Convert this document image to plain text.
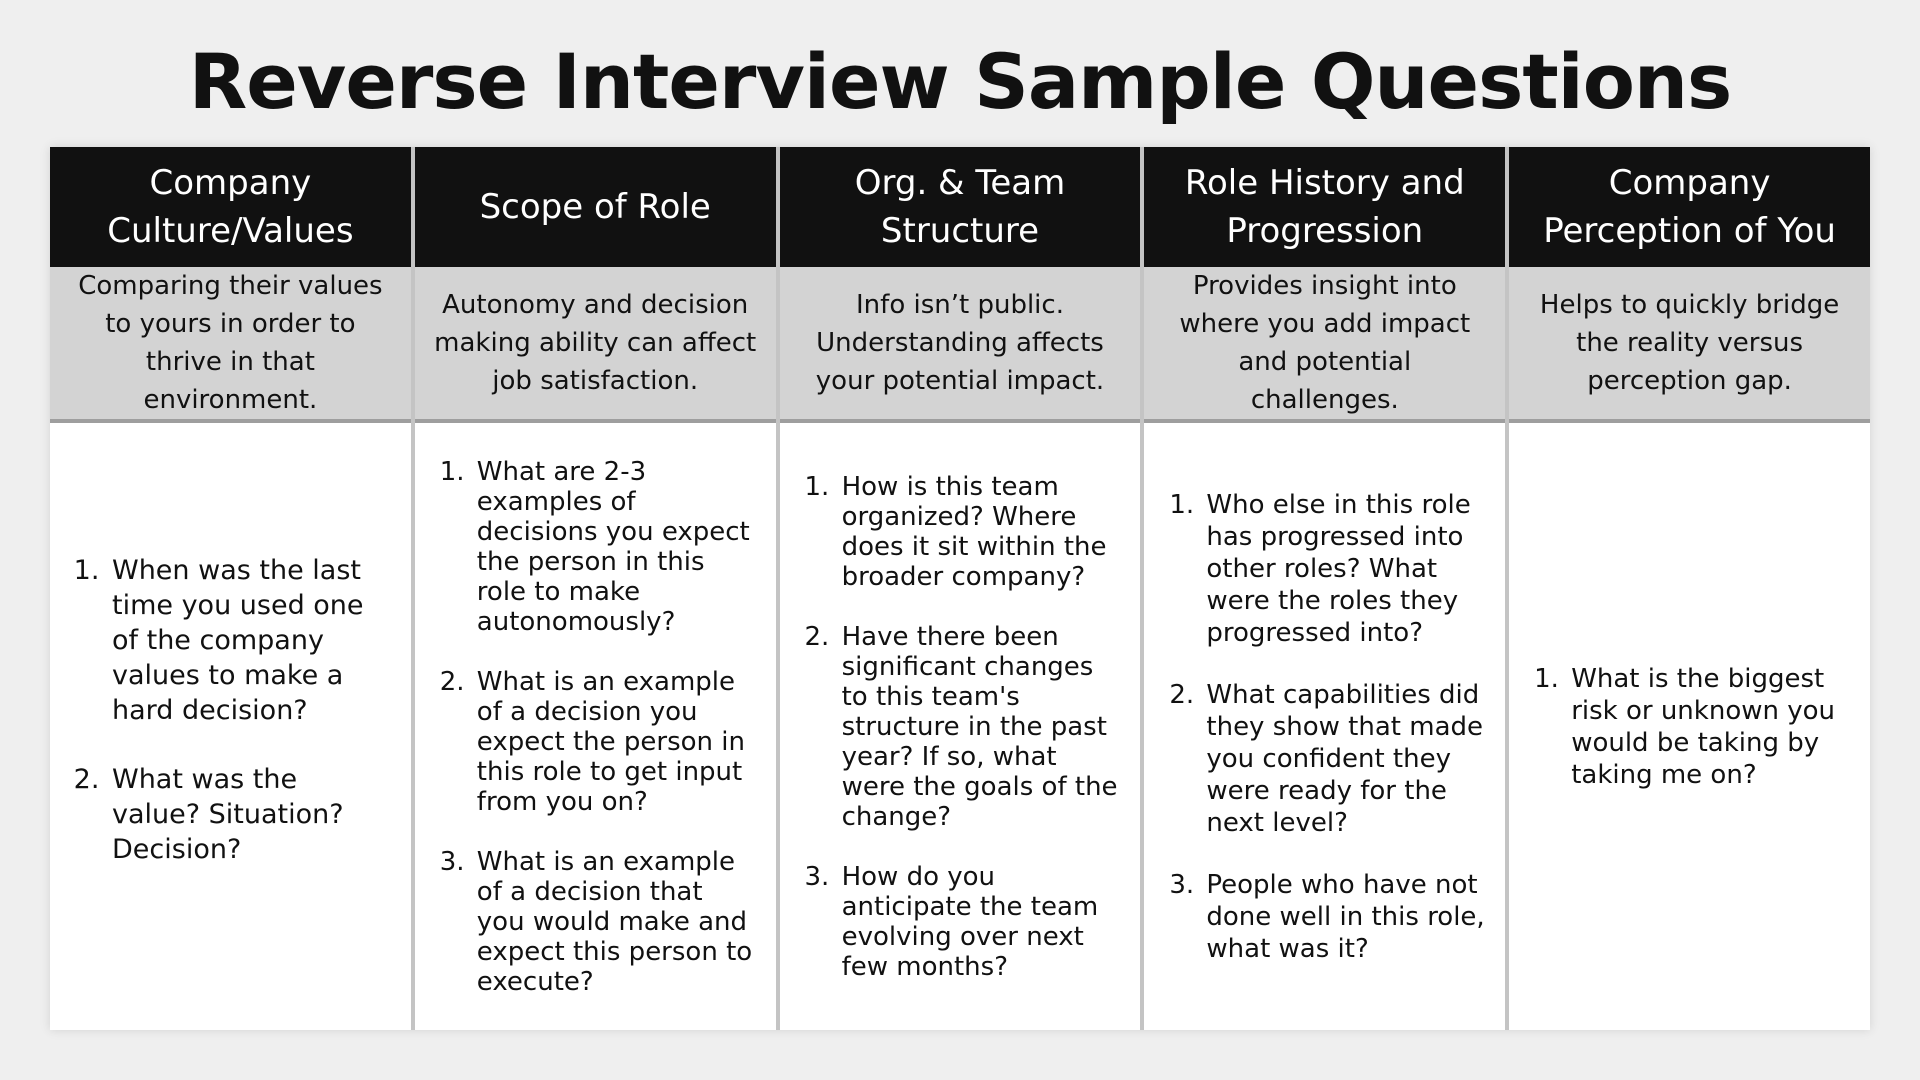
Reverse Interview Sample Questions
Company Culture/Values
Comparing their values to yours in order to thrive in that environment.
1. When was the last time you used one of the company values to make a hard decision?
2. What was the value? Situation? Decision?
Scope of Role
Autonomy and decision making ability can affect job satisfaction.
1. What are 2-3 examples of decisions you expect the person in this role to make autonomously?
2. What is an example of a decision you expect the person in this role to get input from you on?
3. What is an example of a decision that you would make and expect this person to execute?
Org. & Team Structure
Info isn’t public. Understanding affects your potential impact.
1. How is this team organized? Where does it sit within the broader company?
2. Have there been significant changes to this team's structure in the past year? If so, what were the goals of the change?
3. How do you anticipate the team evolving over next few months?
Role History and Progression
Provides insight into where you add impact and potential challenges.
1. Who else in this role has progressed into other roles? What were the roles they progressed into?
2. What capabilities did they show that made you confident they were ready for the next level?
3. People who have not done well in this role, what was it?
Company Perception of You
Helps to quickly bridge the reality versus perception gap.
1. What is the biggest risk or unknown you would be taking by taking me on?
